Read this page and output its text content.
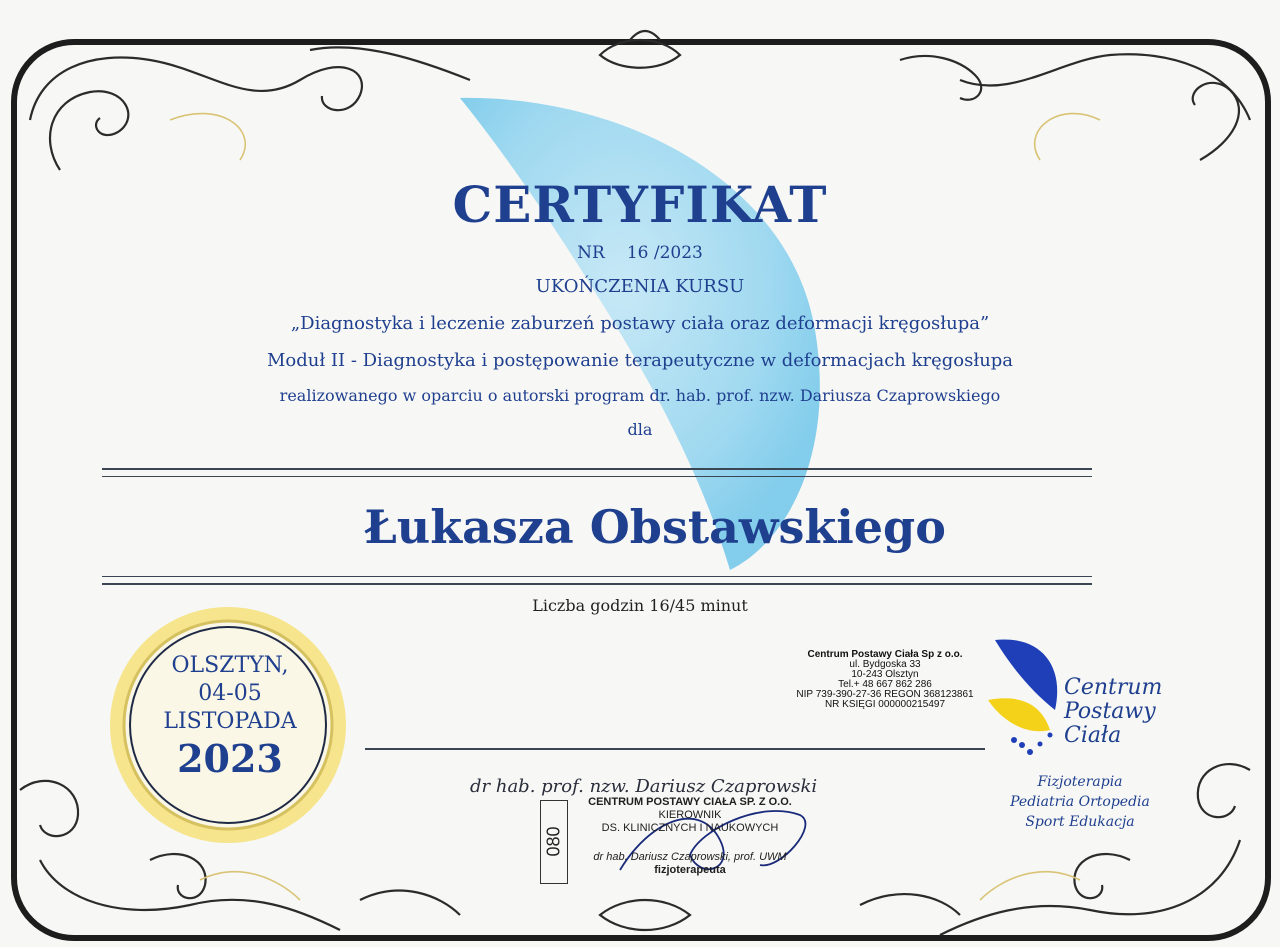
CERTYFIKAT
NR 16 /2023
UKOŃCZENIA KURSU
„Diagnostyka i leczenie zaburzeń postawy ciała oraz deformacji kręgosłupa”
Moduł II - Diagnostyka i postępowanie terapeutyczne w deformacjach kręgosłupa
realizowanego w oparciu o autorski program dr. hab. prof. nzw. Dariusza Czaprowskiego
dla
Łukasza Obstawskiego
Liczba godzin 16/45 minut
OLSZTYN,
04-05
LISTOPADA
2023
Centrum Postawy Ciała Sp z o.o.
ul. Bydgoska 33
10-243 Olsztyn
Tel.+ 48 667 862 286
NIP 739-390-27-36 REGON 368123861
NR KSIĘGI 000000215497
Centrum
Postawy
Ciała
Fizjoterapia
Pediatria Ortopedia
Sport Edukacja
dr hab. prof. nzw. Dariusz Czaprowski
080
CENTRUM POSTAWY CIAŁA SP. Z O.O.
KIEROWNIK
DS. KLINICZNYCH I NAUKOWYCH
dr hab. Dariusz Czaprowski, prof. UWM
fizjoterapeuta
